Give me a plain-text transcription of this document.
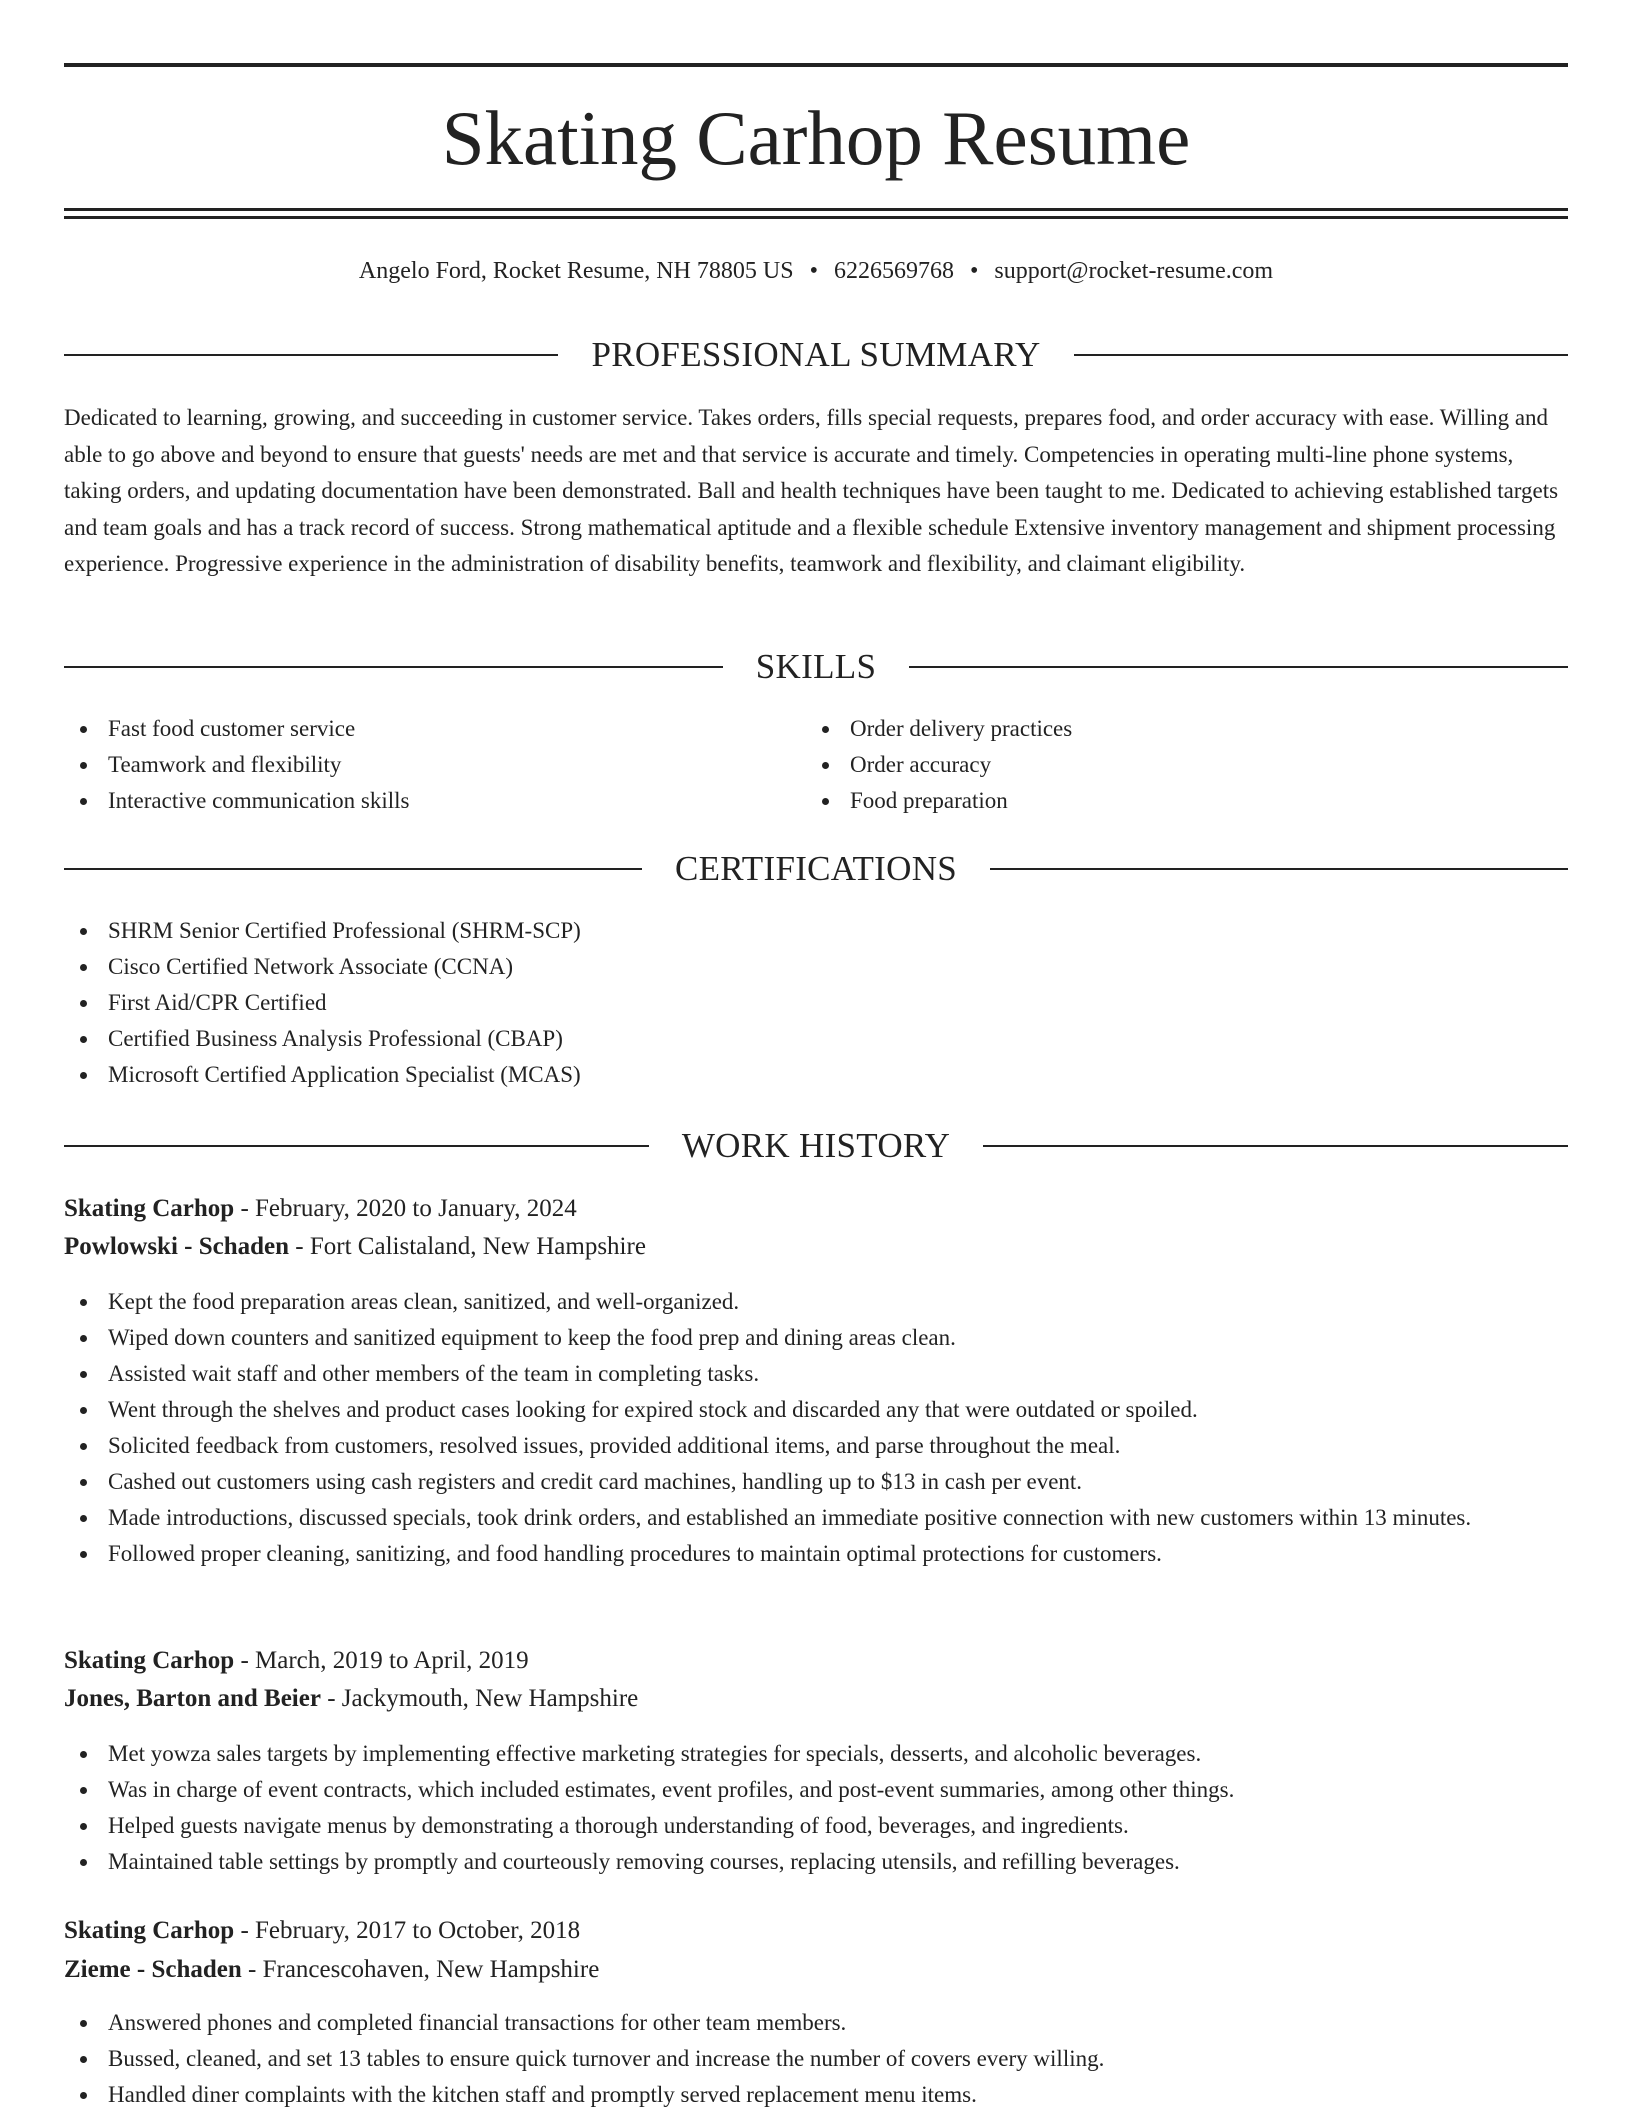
Skating Carhop Resume
Angelo Ford, Rocket Resume, NH 78805 US • 6226569768 • support@rocket-resume.com
PROFESSIONAL SUMMARY

Dedicated to learning, growing, and succeeding in customer service. Takes orders, fills special requests, prepares food, and order accuracy with ease. Willing and able to go above and beyond to ensure that guests' needs are met and that service is accurate and timely. Competencies in operating multi-line phone systems, taking orders, and updating documentation have been demonstrated. Ball and health techniques have been taught to me. Dedicated to achieving established targets and team goals and has a track record of success. Strong mathematical aptitude and a flexible schedule Extensive inventory management and shipment processing experience. Progressive experience in the administration of disability benefits, teamwork and flexibility, and claimant eligibility.

SKILLS
Fast food customer service
Teamwork and flexibility
Interactive communication skills
Order delivery practices
Order accuracy
Food preparation
CERTIFICATIONS
SHRM Senior Certified Professional (SHRM-SCP)
Cisco Certified Network Associate (CCNA)
First Aid/CPR Certified
Certified Business Analysis Professional (CBAP)
Microsoft Certified Application Specialist (MCAS)
WORK HISTORY
Skating Carhop - February, 2020 to January, 2024
Powlowski - Schaden - Fort Calistaland, New Hampshire
Kept the food preparation areas clean, sanitized, and well-organized.
Wiped down counters and sanitized equipment to keep the food prep and dining areas clean.
Assisted wait staff and other members of the team in completing tasks.
Went through the shelves and product cases looking for expired stock and discarded any that were outdated or spoiled.
Solicited feedback from customers, resolved issues, provided additional items, and parse throughout the meal.
Cashed out customers using cash registers and credit card machines, handling up to $13 in cash per event.
Made introductions, discussed specials, took drink orders, and established an immediate positive connection with new customers within 13 minutes.
Followed proper cleaning, sanitizing, and food handling procedures to maintain optimal protections for customers.
Skating Carhop - March, 2019 to April, 2019
Jones, Barton and Beier - Jackymouth, New Hampshire
Met yowza sales targets by implementing effective marketing strategies for specials, desserts, and alcoholic beverages.
Was in charge of event contracts, which included estimates, event profiles, and post-event summaries, among other things.
Helped guests navigate menus by demonstrating a thorough understanding of food, beverages, and ingredients.
Maintained table settings by promptly and courteously removing courses, replacing utensils, and refilling beverages.
Skating Carhop - February, 2017 to October, 2018
Zieme - Schaden - Francescohaven, New Hampshire
Answered phones and completed financial transactions for other team members.
Bussed, cleaned, and set 13 tables to ensure quick turnover and increase the number of covers every willing.
Handled diner complaints with the kitchen staff and promptly served replacement menu items.
